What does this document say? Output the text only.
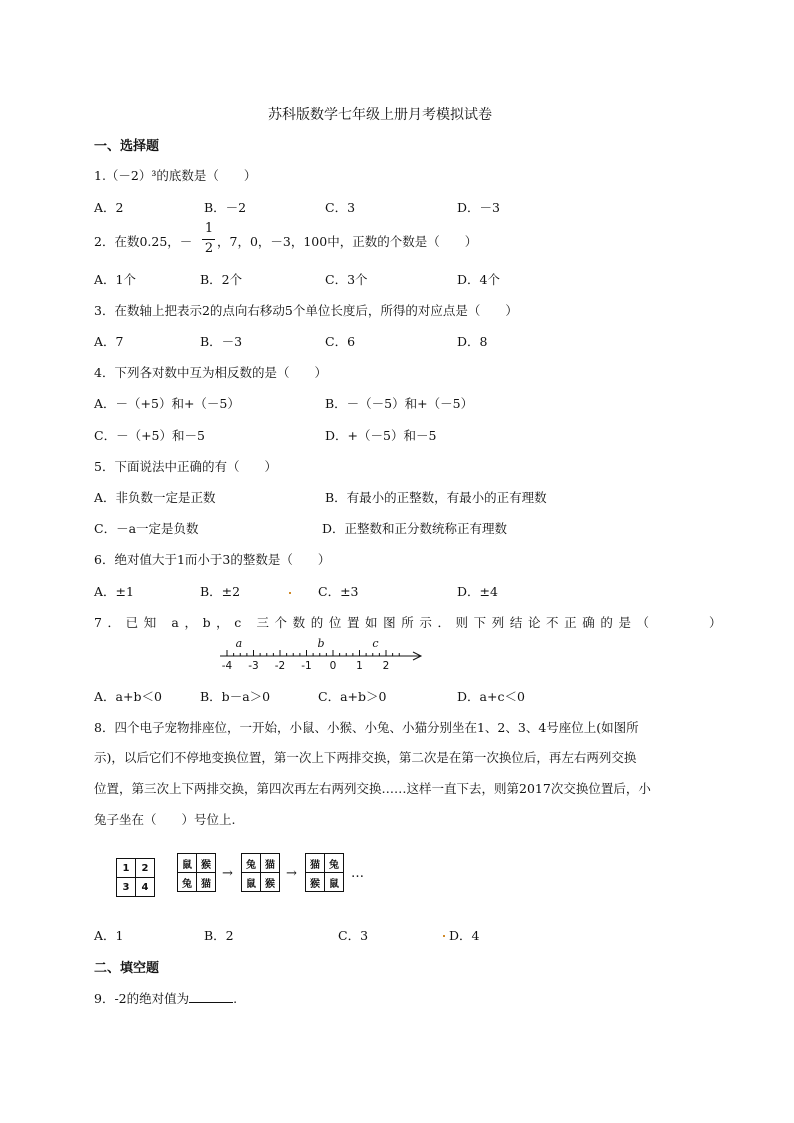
苏科版数学七年级上册月考模拟试卷
一、选择题
1.（－2）³的底数是（　　）
A．2	B．－2	C．3	D．－3
2．在数0.25，－
1
2 ，7，0，－3，100中，正数的个数是（　　）
A．1个	B．2个	C．3个	D．4个
3．在数轴上把表示2的点向右移动5个单位长度后，所得的对应点是（　　）
A．7	B．－3	C．6	D．8
4．下列各对数中互为相反数的是（　　）
A．－（+5）和+（－5）	B．－（－5）和+（－5）
C．－（+5）和－5	D．+（－5）和－5
5．下面说法中正确的有（　　）
A．非负数一定是正数	B．有最小的正整数，有最小的正有理数
C．－a一定是负数	D．正整数和正分数统称正有理数
6．绝对值大于1而小于3的整数是（　　）
A．±1	B．±2	C．±3	D．±4
7．已知 a，b，c 三个数的位置如图所示．则下列结论不正确的是（　　　）
-4 -3 -2 -1 0 1 2
a	b	c
A．a+b＜0	B．b－a＞0	C．a+b＞0	D．a+c＜0
8．四个电子宠物排座位，一开始，小鼠、小猴、小兔、小猫分别坐在1、2、3、4号座位上(如图所
示)，以后它们不停地变换位置，第一次上下两排交换，第二次是在第一次换位后，再左右两列交换
位置，第三次上下两排交换，第四次再左右两列交换……这样一直下去，则第2017次交换位置后，小
兔子坐在（　　）号位上.
1	2
3	4
鼠	猴
兔	猫
→
兔	猫
鼠	猴
→
猫	兔
猴	鼠
…
A．1	B．2	C．3	D．4
二、填空题
9．-2的绝对值为	.
